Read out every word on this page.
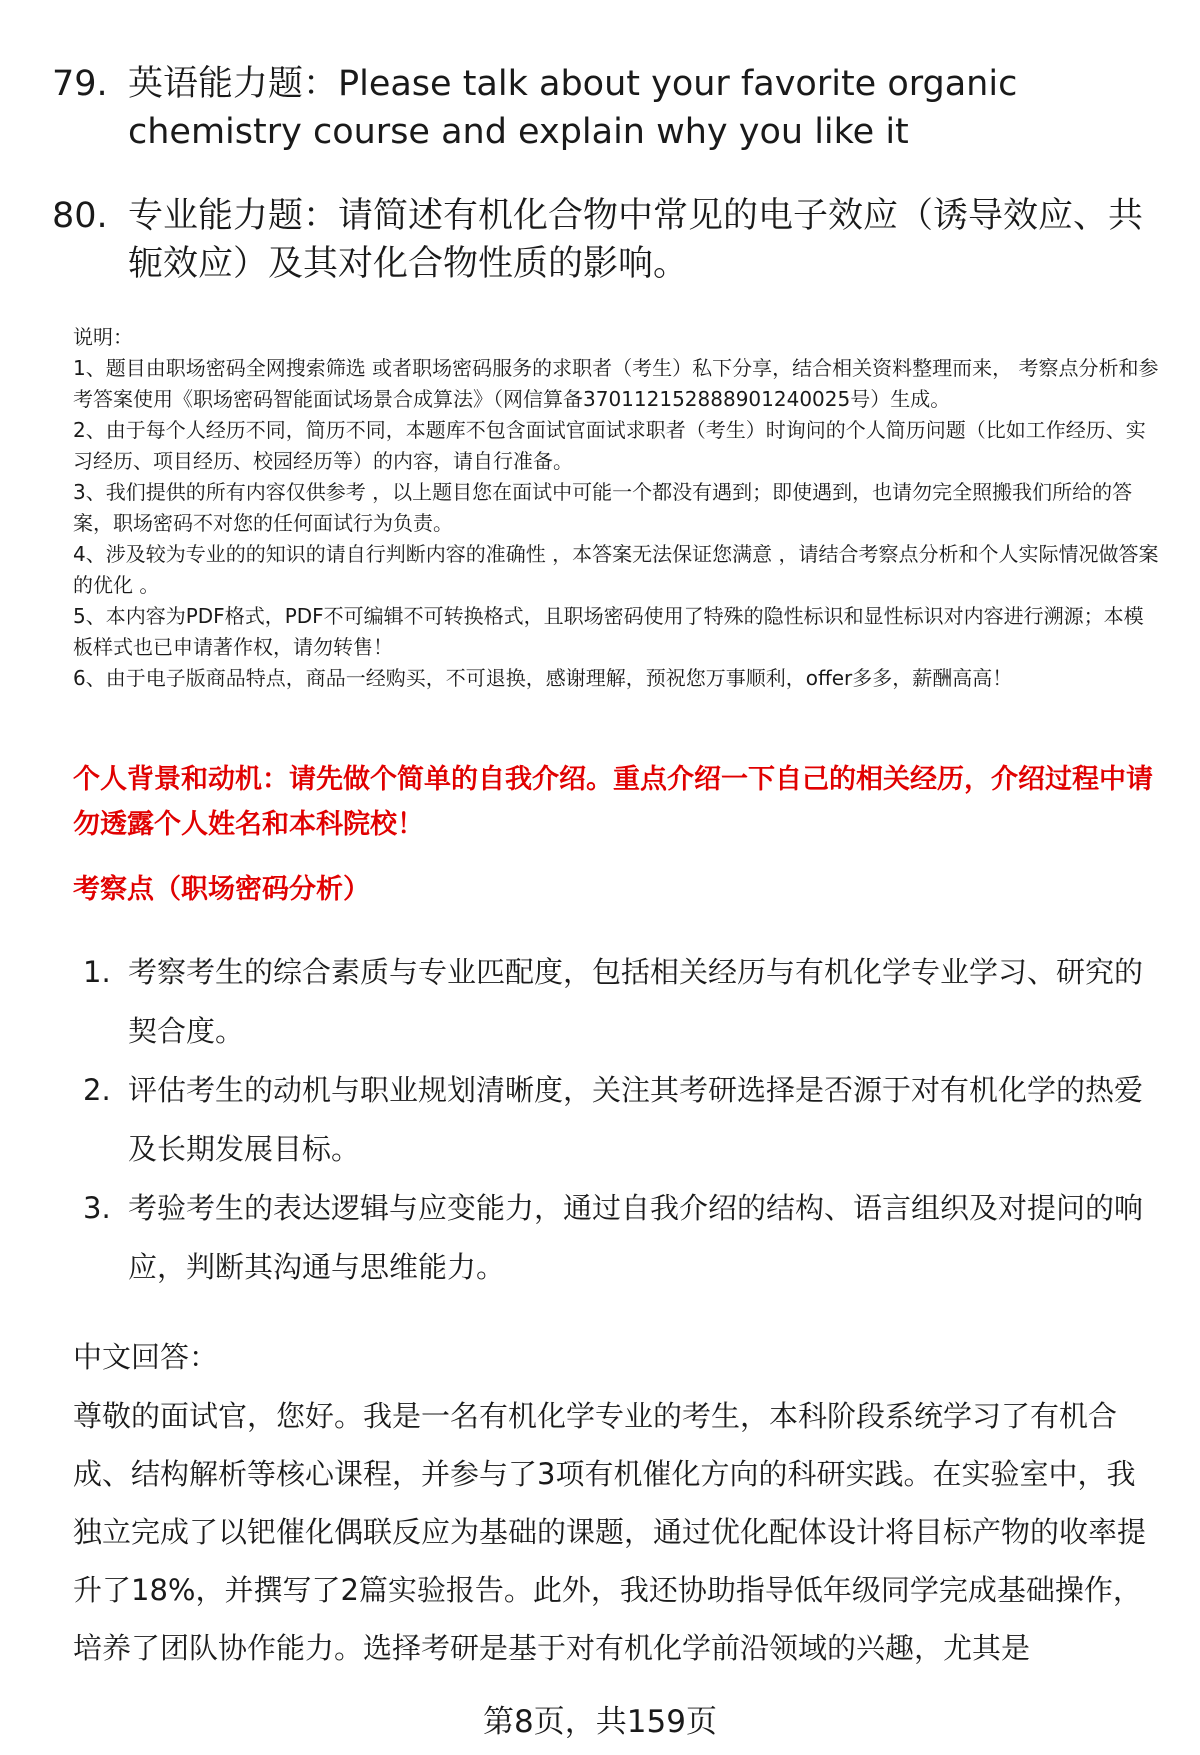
79. 英语能力题：Please talk about your favorite organic chemistry course and explain why you like it
80. 专业能力题：请简述有机化合物中常见的电子效应（诱导效应、共轭效应）及其对化合物性质的影响。
说明：
1、题目由职场密码全网搜索筛选 或者职场密码服务的求职者（考生）私下分享，结合相关资料整理而来， 考察点分析和参考答案使用《职场密码智能面试场景合成算法》（网信算备370112152888901240025号）生成。
2、由于每个人经历不同，简历不同，本题库不包含面试官面试求职者（考生）时询问的个人简历问题（比如工作经历、实习经历、项目经历、校园经历等）的内容，请自行准备。
3、我们提供的所有内容仅供参考 ，以上题目您在面试中可能一个都没有遇到；即使遇到，也请勿完全照搬我们所给的答案，职场密码不对您的任何面试行为负责。
4、涉及较为专业的的知识的请自行判断内容的准确性 ，本答案无法保证您满意 ，请结合考察点分析和个人实际情况做答案的优化 。
5、本内容为PDF格式，PDF不可编辑不可转换格式，且职场密码使用了特殊的隐性标识和显性标识对内容进行溯源；本模板样式也已申请著作权，请勿转售！
6、由于电子版商品特点，商品一经购买，不可退换，感谢理解，预祝您万事顺利，offer多多，薪酬高高！
个人背景和动机：请先做个简单的自我介绍。重点介绍一下自己的相关经历，介绍过程中请勿透露个人姓名和本科院校！
考察点（职场密码分析）
1. 考察考生的综合素质与专业匹配度，包括相关经历与有机化学专业学习、研究的契合度。
2. 评估考生的动机与职业规划清晰度，关注其考研选择是否源于对有机化学的热爱及长期发展目标。
3. 考验考生的表达逻辑与应变能力，通过自我介绍的结构、语言组织及对提问的响应，判断其沟通与思维能力。
中文回答：
尊敬的面试官，您好。我是一名有机化学专业的考生，本科阶段系统学习了有机合成、结构解析等核心课程，并参与了3项有机催化方向的科研实践。在实验室中，我独立完成了以钯催化偶联反应为基础的课题，通过优化配体设计将目标产物的收率提升了18%，并撰写了2篇实验报告。此外，我还协助指导低年级同学完成基础操作，培养了团队协作能力。选择考研是基于对有机化学前沿领域的兴趣，尤其是
第8页，共159页
